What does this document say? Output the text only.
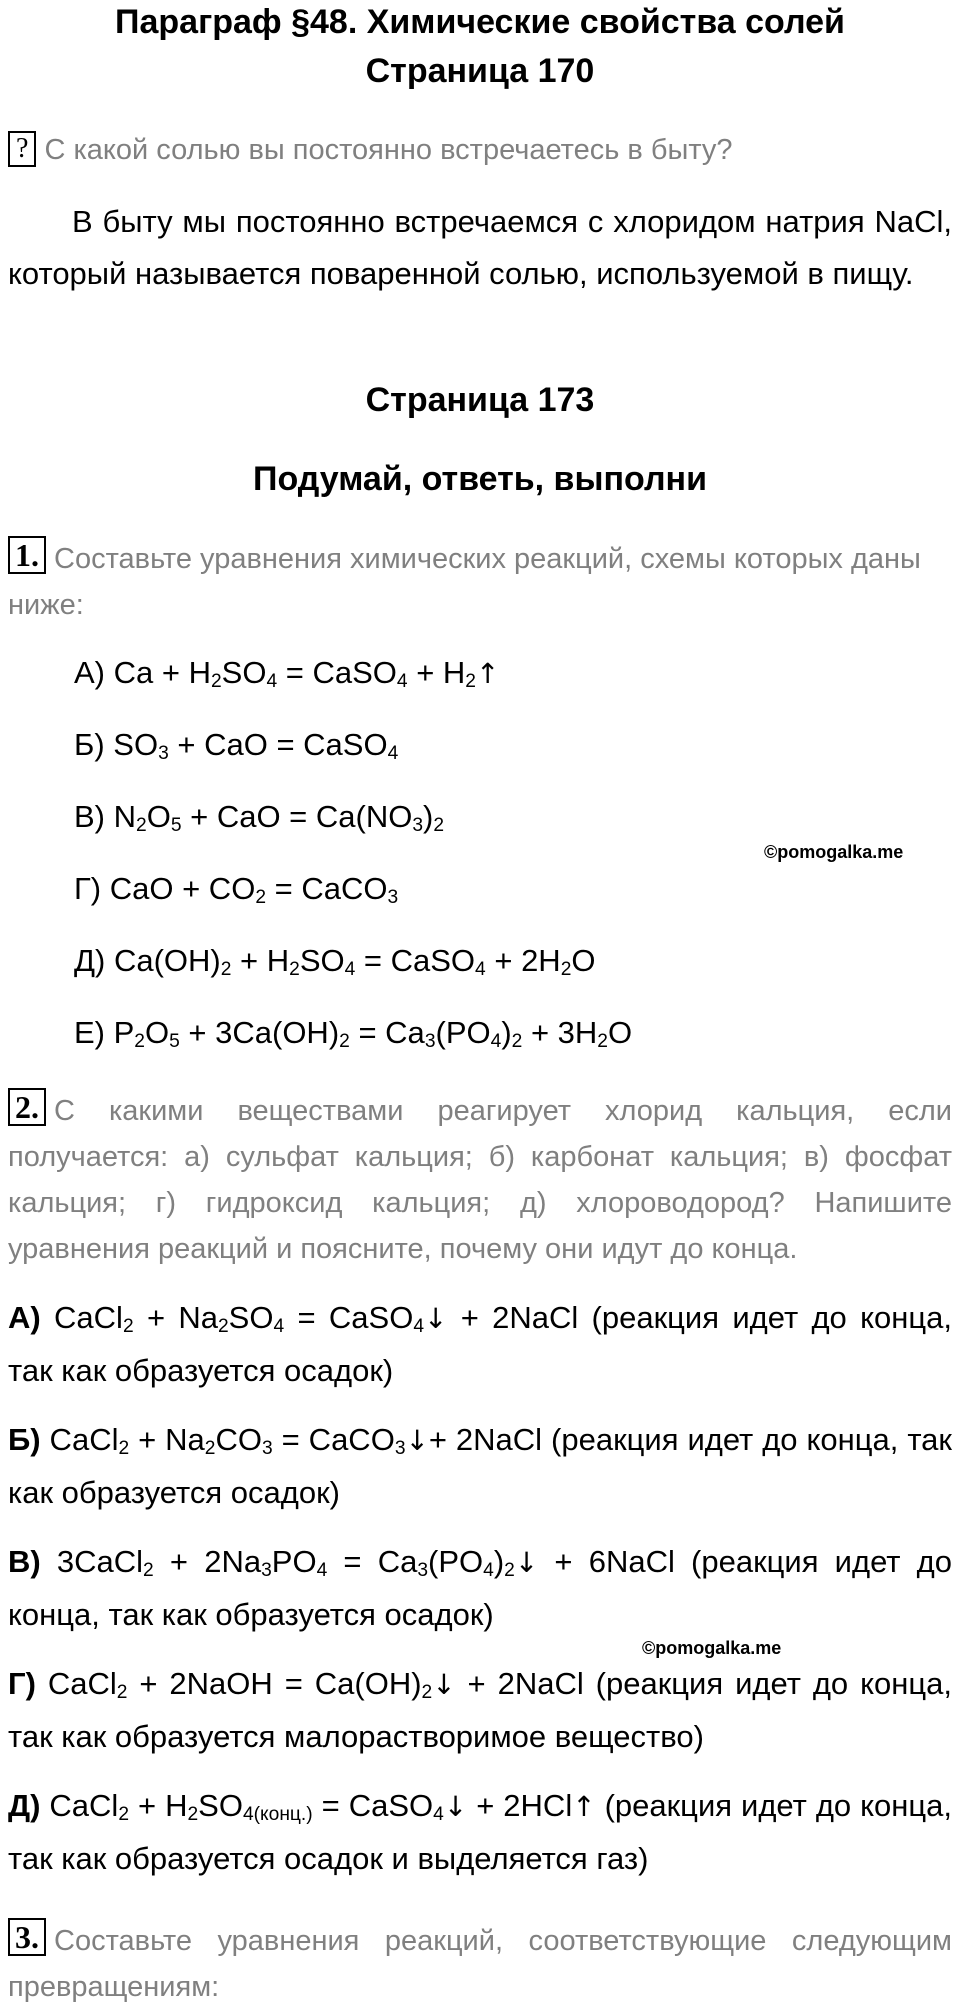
Параграф §48. Химические свойства солей
Страница 170
? С какой солью вы постоянно встречаетесь в быту?
В быту мы постоянно встречаемся с хлоридом натрия NaCl, который называется поваренной солью, используемой в пищу.
Страница 173
Подумай, ответь, выполни
1. Составьте уравнения химических реакций, схемы которых даны ниже:
А) $Ca + H_2SO_4$ = CaSO$_4$ + $H_2↑$
Б) $SO_3$ + CaO = CaSO$_4$
В) $N_2O_5$ + CaO = $Ca(NO_3)_2$
©pomogalka.me
Г) CaO + $CO_2$ = CaCO$_3$
Д) $Ca(OH)_2 + H_2SO_4$ = CaSO$_4$ + $2H_2O$
Е) $P_2O_5 + 3Ca(OH)_2 = Ca_3(PO_4)_2 + 3H_2O$
2. С какими веществами реагирует хлорид кальция, если получается: а) сульфат кальция; б) карбонат кальция; в) фосфат кальция; г) гидроксид кальция; д) хлороводород? Напишите уравнения реакций и поясните, почему они идут до конца.
А) CaCl$_2$ + $Na_2SO_4$ = CaSO$_4$↓ + 2NaCl (реакция идет до конца, так как образуется осадок)
Б) CaCl$_2$ + $Na_2CO_3$ = CaCO$_3$↓+ 2NaCl (реакция идет до конца, так как образуется осадок)
В) 3CaCl$_2$ + $2Na_3PO_4$ = $Ca_3(PO_4)_2↓$ + 6NaCl (реакция идет до конца, так как образуется осадок)
©pomogalka.me
Г) CaCl$_2$ + 2NaOH = $Ca(OH)_2↓$ + 2NaCl (реакция идет до конца, так как образуется малорастворимое вещество)
Д) CaCl$_2$ + $H_2SO_{4(конц.)}$ = CaSO$_4$↓ + 2HCl↑ (реакция идет до конца, так как образуется осадок и выделяется газ)
3. Составьте уравнения реакций, соответствующие следующим превращениям:
